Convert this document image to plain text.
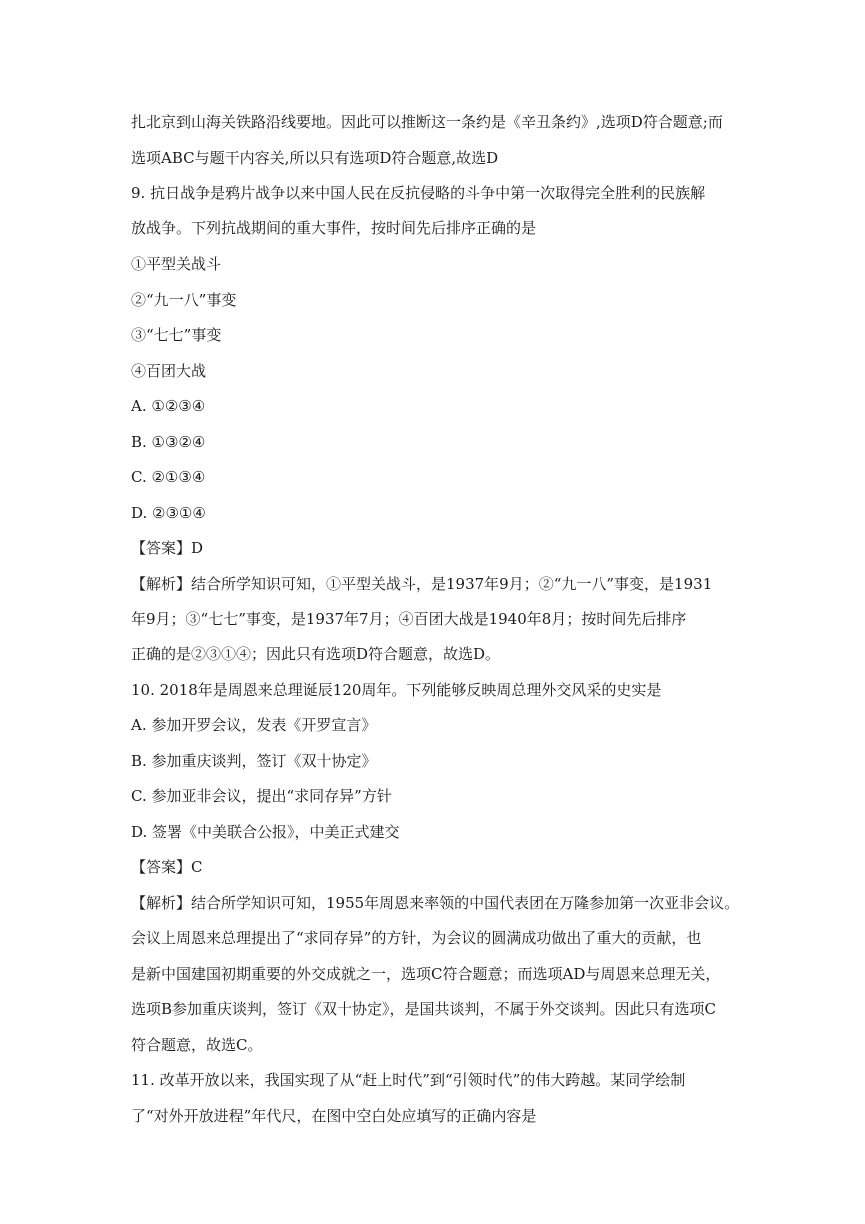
扎北京到山海关铁路沿线要地。因此可以推断这一条约是《辛丑条约》,选项D符合题意;而
选项ABC与题干内容关,所以只有选项D符合题意,故选D
9. 抗日战争是鸦片战争以来中国人民在反抗侵略的斗争中第一次取得完全胜利的民族解
放战争。下列抗战期间的重大事件，按时间先后排序正确的是
①平型关战斗
②“九一八”事变
③“七七”事变
④百团大战
A. ①②③④
B. ①③②④
C. ②①③④
D. ②③①④
【答案】D
【解析】结合所学知识可知，①平型关战斗，是1937年9月；②“九一八”事变，是1931
年9月；③“七七”事变，是1937年7月；④百团大战是1940年8月；按时间先后排序
正确的是②③①④；因此只有选项D符合题意，故选D。
10. 2018年是周恩来总理诞辰120周年。下列能够反映周总理外交风采的史实是
A. 参加开罗会议，发表《开罗宣言》
B. 参加重庆谈判，签订《双十协定》
C. 参加亚非会议，提出“求同存异”方针
D. 签署《中美联合公报》，中美正式建交
【答案】C
【解析】结合所学知识可知，1955年周恩来率领的中国代表团在万隆参加第一次亚非会议。
会议上周恩来总理提出了“求同存异”的方针，为会议的圆满成功做出了重大的贡献，也
是新中国建国初期重要的外交成就之一，选项C符合题意；而选项AD与周恩来总理无关，
选项B参加重庆谈判，签订《双十协定》，是国共谈判，不属于外交谈判。因此只有选项C
符合题意，故选C。
11. 改革开放以来，我国实现了从“赶上时代”到“引领时代”的伟大跨越。某同学绘制
了“对外开放进程”年代尺，在图中空白处应填写的正确内容是
